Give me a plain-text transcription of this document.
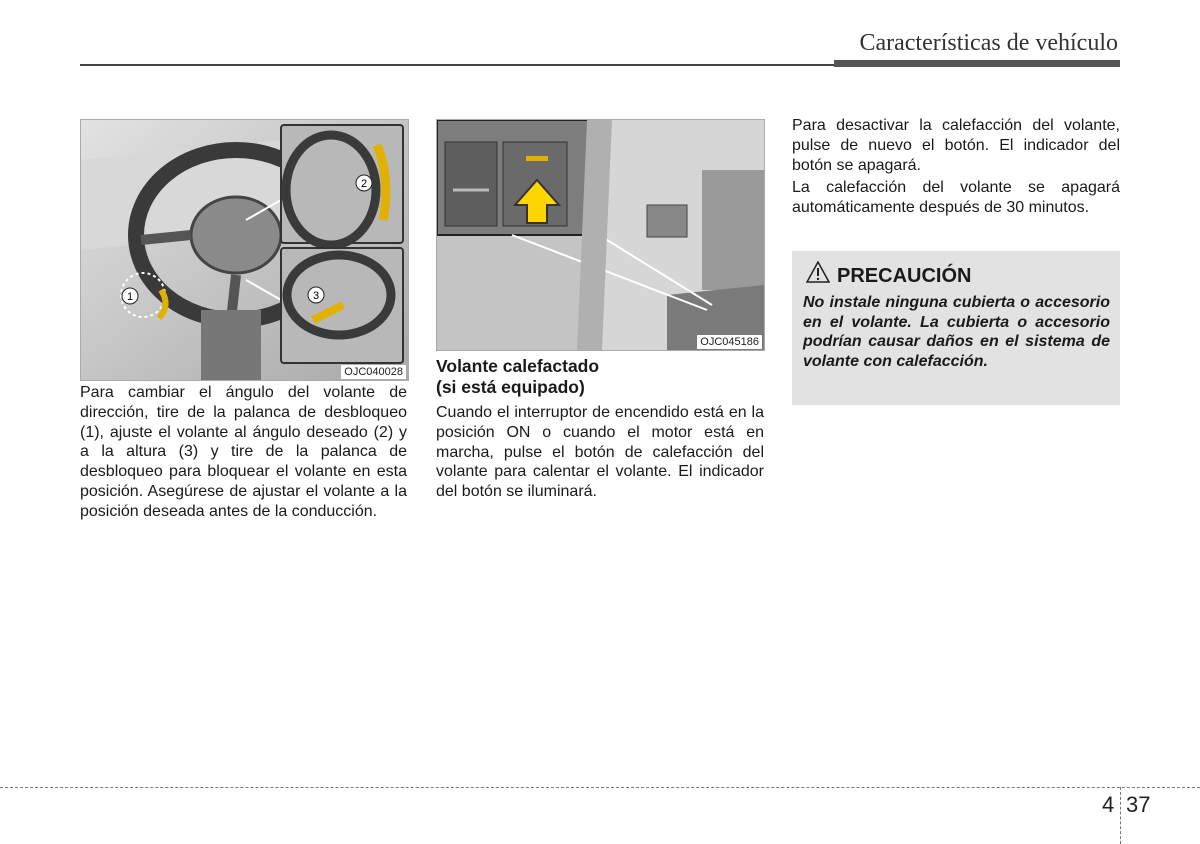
Características de vehículo
1
2
3
OJC040028
Para cambiar el ángulo del volante de dirección, tire de la palanca de desbloqueo (1), ajuste el volante al ángulo deseado (2) y a la altura (3) y tire de la palanca de desbloqueo para bloquear el volante en esta posición. Asegúrese de ajustar el volante a la posición deseada antes de la conducción.
OJC045186
Volante calefactado
(si está equipado)
Cuando el interruptor de encendido está en la posición ON o cuando el motor está en marcha, pulse el botón de calefacción del volante para calentar el volante. El indicador del botón se iluminará.
Para desactivar la calefacción del volante, pulse de nuevo el botón. El indicador del botón se apagará.
La calefacción del volante se apagará automáticamente después de 30 minutos.
PRECAUCIÓN
No instale ninguna cubierta o accesorio en el volante. La cubierta o accesorio podrían causar daños en el sistema de volante con calefacción.
4 37
